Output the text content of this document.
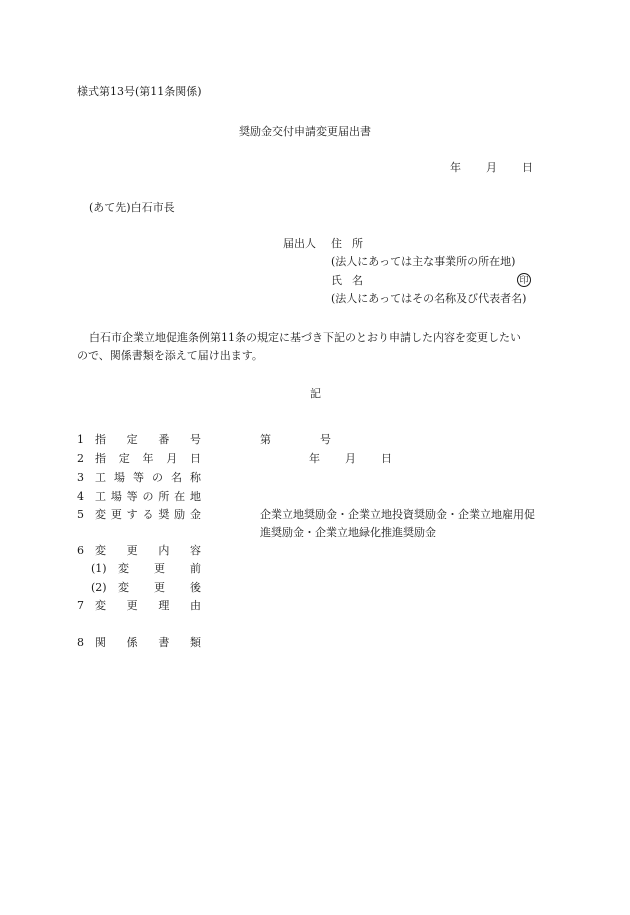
様式第13号(第11条関係)
奨励金交付申請変更届出書
年 月 日
(あて先)白石市長
届出人 住 所
(法人にあっては主な事業所の所在地)
氏 名	印
(法人にあってはその名称及び代表者名)
白石市企業立地促進条例第11条の規定に基づき下記のとおり申請した内容を変更したい
ので、関係書類を添えて届け出ます。
記
1 指 定 番 号	第	号
2 指 定 年 月 日	年 月 日
3 工 場 等 の 名 称
4 工 場 等 の 所 在 地
5 変 更 す る 奨 励 金	企業立地奨励金・企業立地投資奨励金・企業立地雇用促
進奨励金・企業立地緑化推進奨励金
6 変 更 内 容
(1) 変 更 前
(2) 変 更 後
7 変 更 理 由
8 関 係 書 類
